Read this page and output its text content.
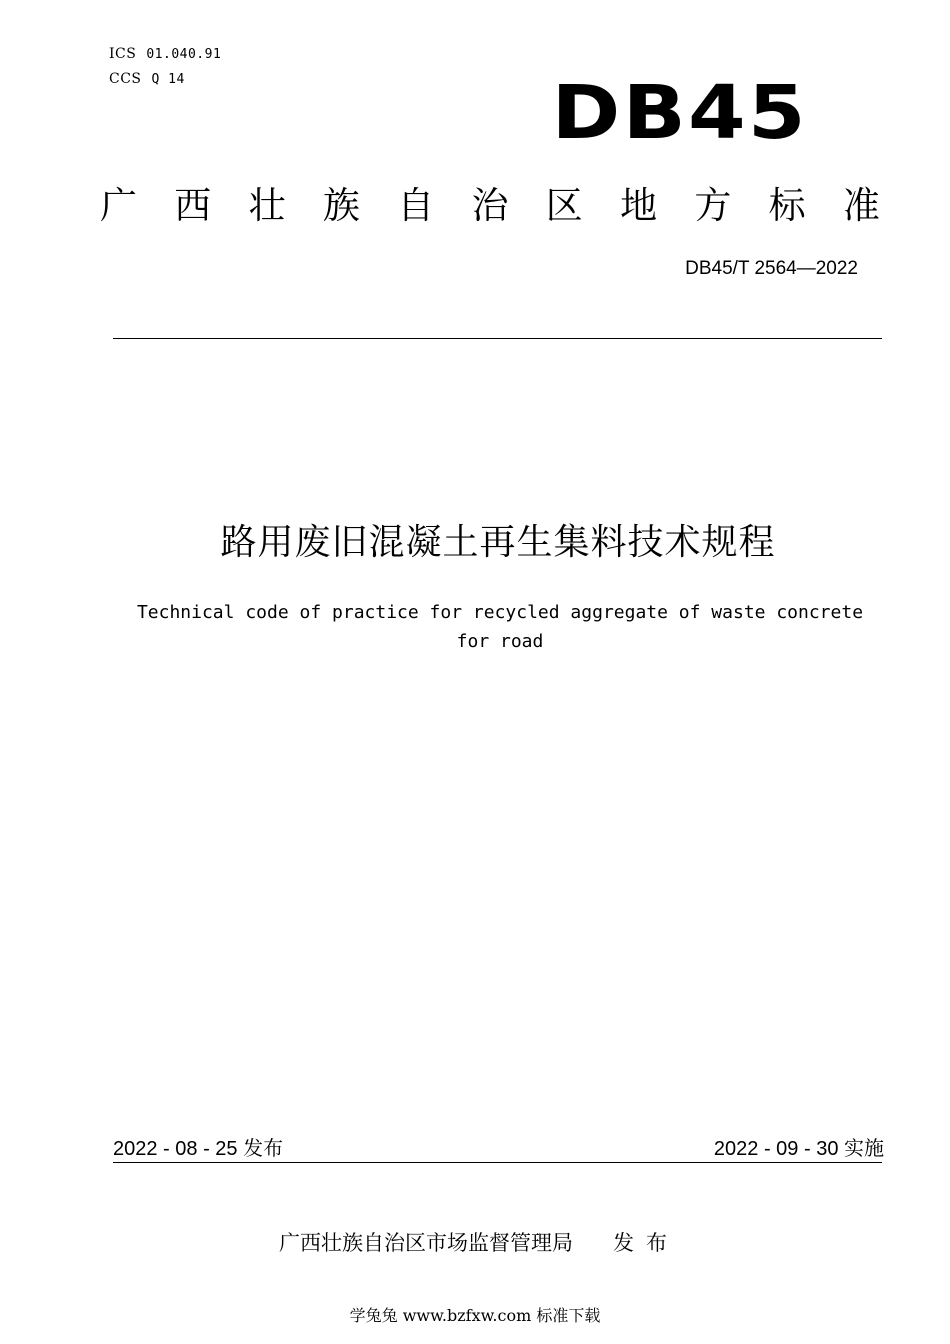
ICS 01.040.91
CCS Q 14	DB45
广 西 壮 族 自 治 区 地 方 标 准
DB45/T 2564—2022
路用废旧混凝土再生集料技术规程
Technical code of practice for recycled aggregate of waste concrete
for road
2022 - 08 - 25 发布	2022 - 09 - 30 实施
广西壮族自治区市场监督管理局 发布
学兔兔 www.bzfxw.com 标准下载
